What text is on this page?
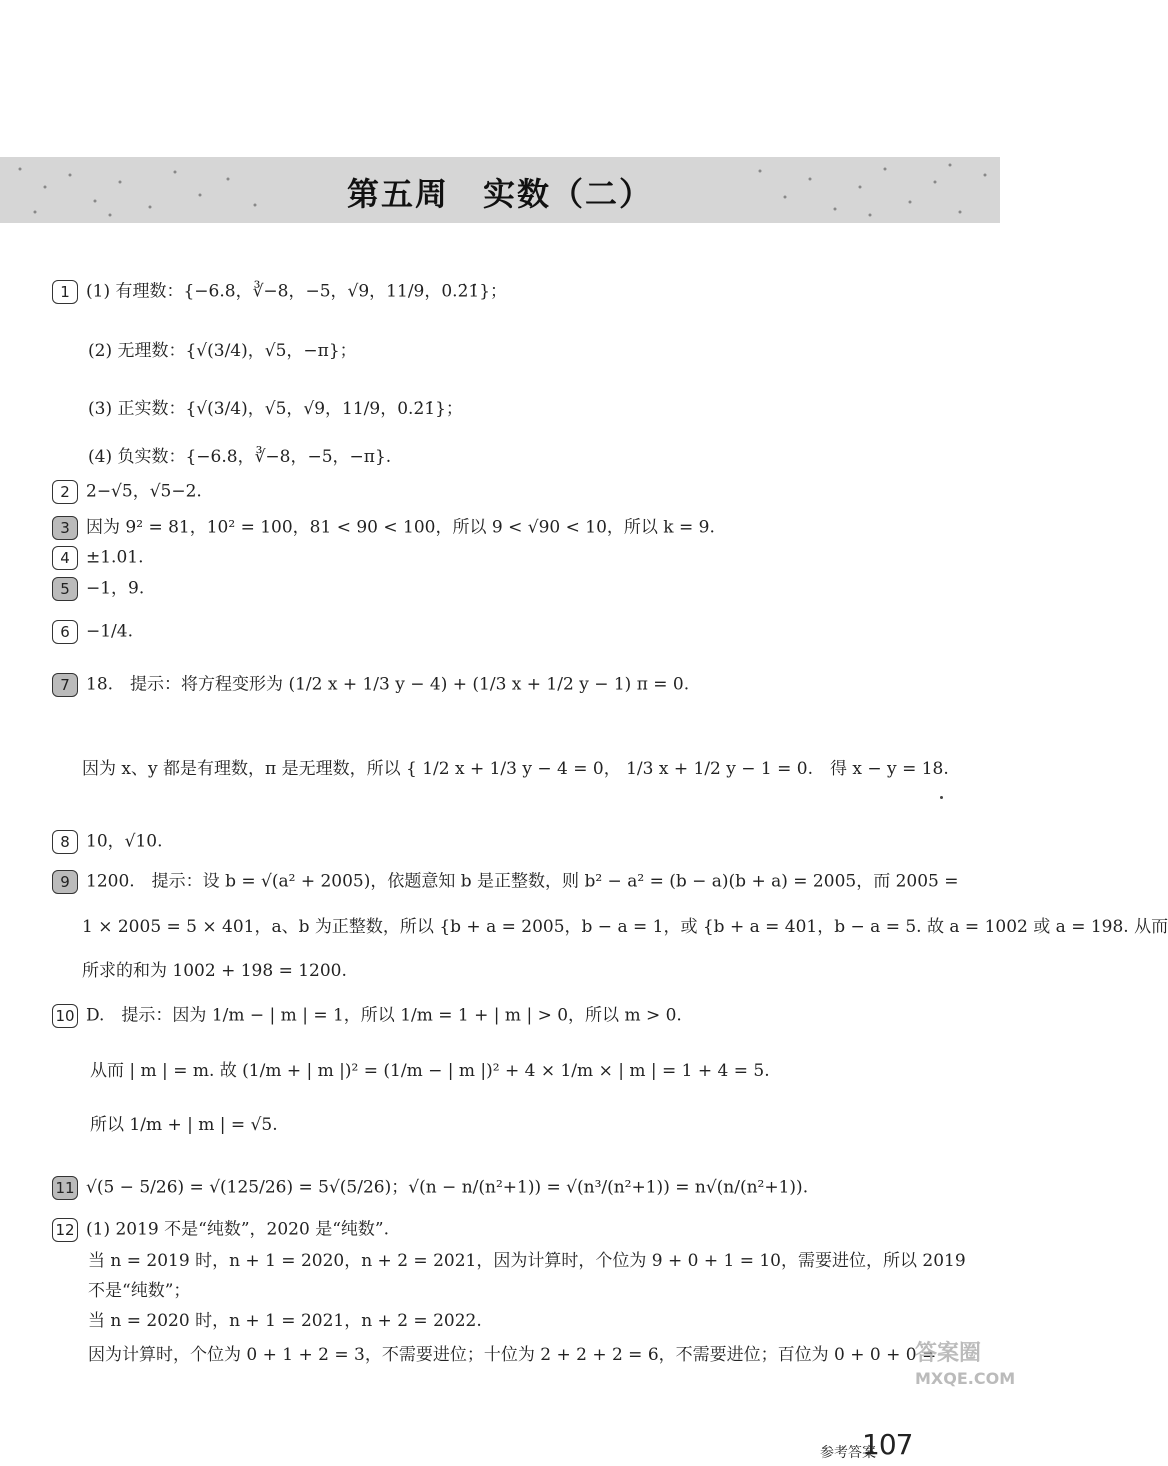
第五周　实数（二）
1 (1) 有理数：{−6.8，∛−8，−5，√9，11/9，0.2̇1̇}；
(2) 无理数：{√(3/4)，√5，−π}；
(3) 正实数：{√(3/4)，√5，√9，11/9，0.2̇1̇}；
(4) 负实数：{−6.8，∛−8，−5，−π}.
2 2−√5，√5−2.
3 因为 9² = 81，10² = 100，81 < 90 < 100，所以 9 < √90 < 10，所以 k = 9.
4 ±1.01.
5 −1，9.
6 −1/4.
7 18.　提示：将方程变形为 (1/2 x + 1/3 y − 4) + (1/3 x + 1/2 y − 1) π = 0.
因为 x、y 都是有理数，π 是无理数，所以 { 1/2 x + 1/3 y − 4 = 0， 1/3 x + 1/2 y − 1 = 0.　得 x − y = 18.
8 10，√10.
9 1200.　提示：设 b = √(a² + 2005)，依题意知 b 是正整数，则 b² − a² = (b − a)(b + a) = 2005，而 2005 =
1 × 2005 = 5 × 401，a、b 为正整数，所以 {b + a = 2005，b − a = 1，或 {b + a = 401，b − a = 5. 故 a = 1002 或 a = 198. 从而
所求的和为 1002 + 198 = 1200.
10 D.　提示：因为 1/m − | m | = 1，所以 1/m = 1 + | m | > 0，所以 m > 0.
从而 | m | = m. 故 (1/m + | m |)² = (1/m − | m |)² + 4 × 1/m × | m | = 1 + 4 = 5.
所以 1/m + | m | = √5.
11 √(5 − 5/26) = √(125/26) = 5√(5/26)；√(n − n/(n²+1)) = √(n³/(n²+1)) = n√(n/(n²+1)).
12 (1) 2019 不是“纯数”，2020 是“纯数”.
当 n = 2019 时，n + 1 = 2020，n + 2 = 2021，因为计算时，个位为 9 + 0 + 1 = 10，需要进位，所以 2019
不是“纯数”；
当 n = 2020 时，n + 1 = 2021，n + 2 = 2022.
因为计算时，个位为 0 + 1 + 2 = 3，不需要进位；十位为 2 + 2 + 2 = 6，不需要进位；百位为 0 + 0 + 0 =
答案圈
MXQE.COM
参考答案
107
